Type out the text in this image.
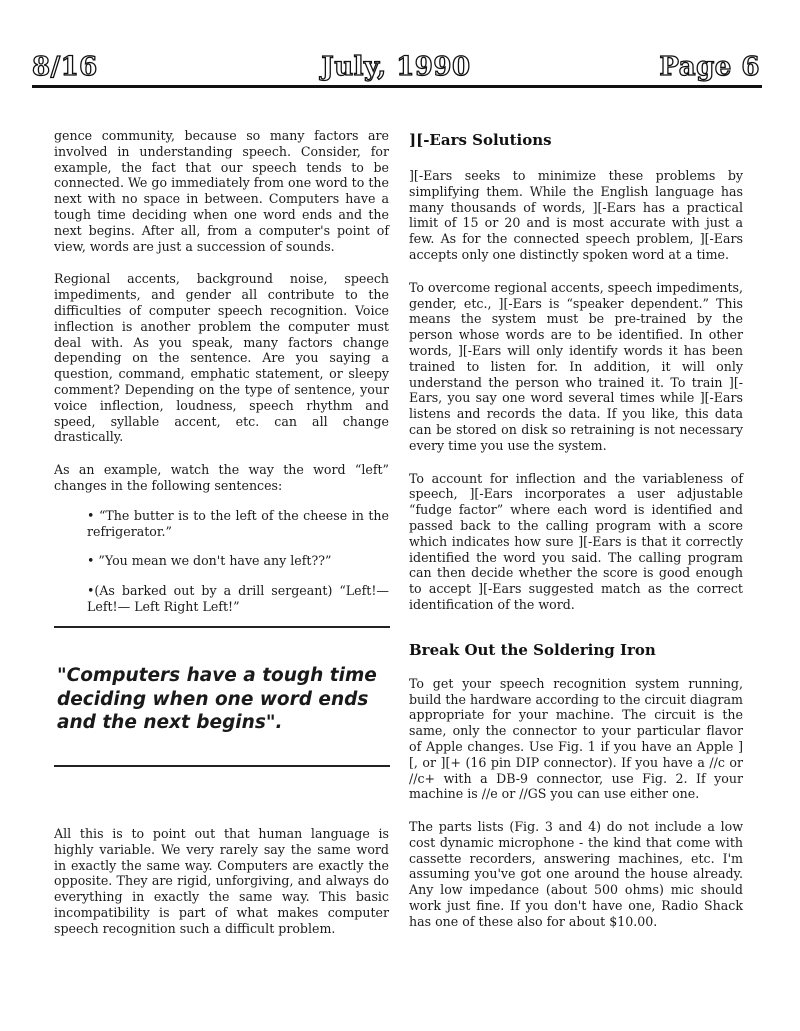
July, 1990
8/16	Page 6

gence community, because so many factors are involved in understanding speech. Consider, for example, the fact that our speech tends to be connected. We go immediately from one word to the next with no space in between. Computers have a tough time deciding when one word ends and the next begins. After all, from a computer's point of view, words are just a succession of sounds.

Regional accents, background noise, speech impediments, and gender all contribute to the difficulties of computer speech recognition. Voice inflection is another problem the computer must deal with. As you speak, many factors change depending on the sentence. Are you saying a question, command, emphatic statement, or sleepy comment? Depending on the type of sentence, your voice inflection, loudness, speech rhythm and speed, syllable accent, etc. can all change drastically.

As an example, watch the way the word “left” changes in the following sentences:

• “The butter is to the left of the cheese in the refrigerator.”

• ”You mean we don't have any left??”

•(As barked out by a drill sergeant) “Left!— Left!— Left Right Left!”

"Computers have a tough time deciding when one word ends and the next begins".

All this is to point out that human language is highly variable. We very rarely say the same word in exactly the same way. Computers are exactly the opposite. They are rigid, unforgiving, and always do everything in exactly the same way. This basic incompatibility is part of what makes computer speech recognition such a difficult problem.

][-Ears Solutions

][-Ears seeks to minimize these problems by simplifying them. While the English language has many thousands of words, ][-Ears has a practical limit of 15 or 20 and is most accurate with just a few. As for the connected speech problem, ][-Ears accepts only one distinctly spoken word at a time.

To overcome regional accents, speech impediments, gender, etc., ][-Ears is “speaker dependent.” This means the system must be pre-trained by the person whose words are to be identified. In other words, ][-Ears will only identify words it has been trained to listen for. In addition, it will only understand the person who trained it. To train ][-Ears, you say one word several times while ][-Ears listens and records the data. If you like, this data can be stored on disk so retraining is not necessary every time you use the system.

To account for inflection and the variableness of speech, ][-Ears incorporates a user adjustable “fudge factor” where each word is identified and passed back to the calling program with a score which indicates how sure ][-Ears is that it correctly identified the word you said. The calling program can then decide whether the score is good enough to accept ][-Ears suggested match as the correct identification of the word.

Break Out the Soldering Iron

To get your speech recognition system running, build the hardware according to the circuit diagram appropriate for your machine. The circuit is the same, only the connector to your particular flavor of Apple changes. Use Fig. 1 if you have an Apple ][, or ][+ (16 pin DIP connector). If you have a //c or //c+ with a DB-9 connector, use Fig. 2. If your machine is //e or //GS you can use either one.

The parts lists (Fig. 3 and 4) do not include a low cost dynamic microphone - the kind that come with cassette recorders, answering machines, etc. I'm assuming you've got one around the house already. Any low impedance (about 500 ohms) mic should work just fine. If you don't have one, Radio Shack has one of these also for about $10.00.
